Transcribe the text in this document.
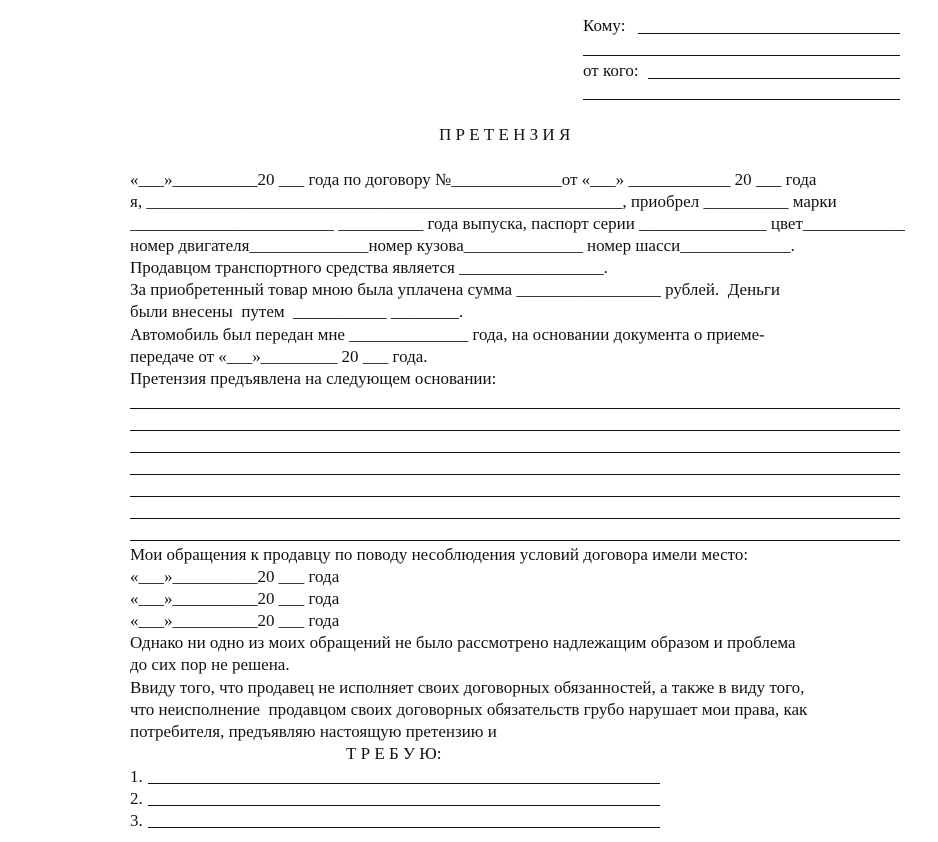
Кому:
от кого:
П Р Е Т Е Н З И Я
«___»__________20 ___ года по договору №_____________от «___» ____________ 20 ___ года
я, ________________________________________________________, приобрел __________ марки
________________________ __________ года выпуска, паспорт серии _______________ цвет____________
номер двигателя______________номер кузова______________ номер шасси_____________.
Продавцом транспортного средства является _________________.
За приобретенный товар мною была уплачена сумма _________________ рублей.  Деньги
были внесены  путем  ___________ ________.
Автомобиль был передан мне ______________ года, на основании документа о приеме-
передаче от «___»_________ 20 ___ года.
Претензия предъявлена на следующем основании:
Мои обращения к продавцу по поводу несоблюдения условий договора имели место:
«___»__________20 ___ года
«___»__________20 ___ года
«___»__________20 ___ года
Однако ни одно из моих обращений не было рассмотрено надлежащим образом и проблема
до сих пор не решена.
Ввиду того, что продавец не исполняет своих договорных обязанностей, а также в виду того,
что неисполнение  продавцом своих договорных обязательств грубо нарушает мои права, как
потребителя, предъявляю настоящую претензию и
Т Р Е Б У Ю:
1.
2.
3.
